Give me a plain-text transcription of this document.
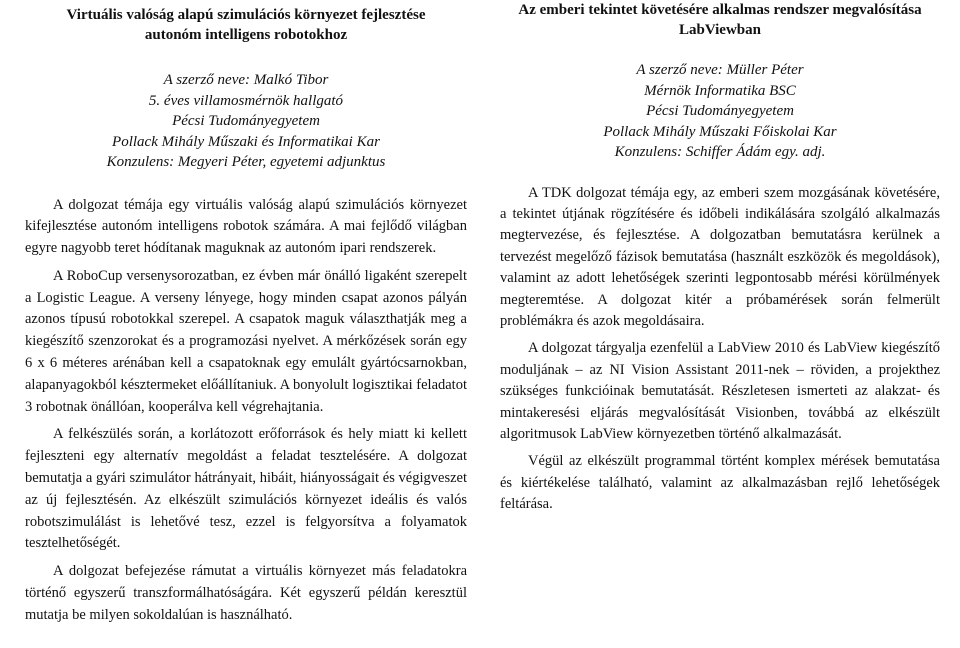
Virtuális valóság alapú szimulációs környezet fejlesztése

autonóm intelligens robotokhoz

A szerző neve: Malkó Tibor

5. éves villamosmérnök hallgató

Pécsi Tudományegyetem

Pollack Mihály Műszaki és Informatikai Kar

Konzulens: Megyeri Péter, egyetemi adjunktus

A dolgozat témája egy virtuális valóság alapú szimulációs környezet kifejlesztése autonóm intelligens robotok számára. A mai fejlődő világban egyre nagyobb teret hódítanak maguknak az autonóm ipari rendszerek.

A RoboCup versenysorozatban, ez évben már önálló ligaként szerepelt a Logistic League. A verseny lényege, hogy minden csapat azonos pályán azonos típusú robotokkal szerepel. A csapatok maguk választhatják meg a kiegészítő szenzorokat és a programozási nyelvet. A mérkőzések során egy 6 x 6 méteres arénában kell a csapatoknak egy emulált gyártócsarnokban, alapanyagokból késztermeket előállítaniuk. A bonyolult logisztikai feladatot 3 robotnak önállóan, kooperálva kell végrehajtania.

A felkészülés során, a korlátozott erőforrások és hely miatt ki kellett fejleszteni egy alternatív megoldást a feladat tesztelésére. A dolgozat bemutatja a gyári szimulátor hátrányait, hibáit, hiányosságait és végigveszet az új fejlesztésén. Az elkészült szimulációs környezet ideális és valós robotszimulálást is lehetővé tesz, ezzel is felgyorsítva a folyamatok tesztelhetőségét.

A dolgozat befejezése rámutat a virtuális környezet más feladatokra történő egyszerű transzformálhatóságára. Két egyszerű példán keresztül mutatja be milyen sokoldalúan is használható.

Az emberi tekintet követésére alkalmas rendszer megvalósítása

LabViewban

A szerző neve: Müller Péter

Mérnök Informatika BSC

Pécsi Tudományegyetem

Pollack Mihály Műszaki Főiskolai Kar

Konzulens: Schiffer Ádám egy. adj.

A TDK dolgozat témája egy, az emberi szem mozgásának követésére, a tekintet útjának rögzítésére és időbeli indikálására szolgáló alkalmazás megtervezése, és fejlesztése. A dolgozatban bemutatásra kerülnek a tervezést megelőző fázisok bemutatása (használt eszközök és megoldások), valamint az adott lehetőségek szerinti legpontosabb mérési körülmények megteremtése. A dolgozat kitér a próbamérések során felmerült problémákra és azok megoldásaira.

A dolgozat tárgyalja ezenfelül a LabView 2010 és LabView kiegészítő moduljának – az NI Vision Assistant 2011-nek – röviden, a projekthez szükséges funkcióinak bemutatását. Részletesen ismerteti az alakzat- és mintakeresési eljárás megvalósítását Visionben, továbbá az elkészült algoritmusok LabView környezetben történő alkalmazását.

Végül az elkészült programmal történt komplex mérések bemutatása és kiértékelése található, valamint az alkalmazásban rejlő lehetőségek feltárása.
